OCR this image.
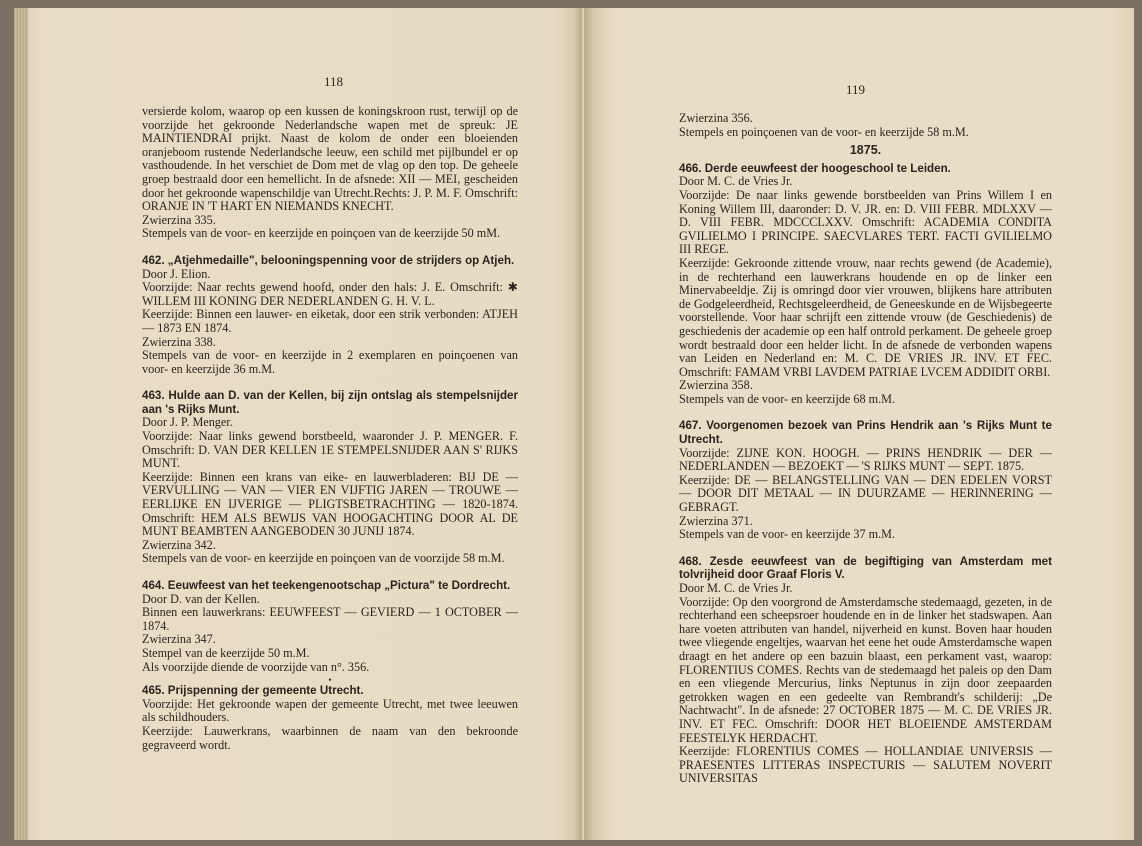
118

versierde kolom, waarop op een kussen de koningskroon rust, terwijl op de voorzijde het gekroonde Nederlandsche wapen met de spreuk: JE MAINTIENDRAI prijkt. Naast de kolom de onder een bloeienden oranjeboom rustende Nederlandsche leeuw, een schild met pijlbundel er op vasthoudende. In het verschiet de Dom met de vlag op den top. De geheele groep bestraald door een hemellicht. In de afsnede: XII — MEI, gescheiden door het gekroonde wapenschildje van Utrecht.Rechts: J. P. M. F. Omschrift: ORANJE IN 'T HART EN NIEMANDS KNECHT.

Zwierzina 335.

Stempels van de voor- en keerzijde en poinçoen van de keerzijde 50 mM.

462. „Atjehmedaille", belooningspenning voor de strijders op Atjeh.

Door J. Elion.

Voorzijde: Naar rechts gewend hoofd, onder den hals: J. E. Omschrift: ✱ WILLEM III KONING DER NEDERLANDEN G. H. V. L.

Keerzijde: Binnen een lauwer- en eiketak, door een strik verbonden: ATJEH — 1873 EN 1874.

Zwierzina 338.

Stempels van de voor- en keerzijde in 2 exemplaren en poinçoenen van voor- en keerzijde 36 m.M.

463. Hulde aan D. van der Kellen, bij zijn ontslag als stempelsnijder aan 's Rijks Munt.

Door J. P. Menger.

Voorzijde: Naar links gewend borstbeeld, waaronder J. P. MENGER. F. Omschrift: D. VAN DER KELLEN 1E STEMPELSNIJDER AAN S' RIJKS MUNT.

Keerzijde: Binnen een krans van eike- en lauwerbladeren: BIJ DE — VERVULLING — VAN — VIER EN VIJFTIG JAREN — TROUWE — EERLIJKE EN IJVERIGE — PLIGTSBETRACHTING — 1820-1874. Omschrift: HEM ALS BEWIJS VAN HOOGACHTING DOOR AL DE MUNT BEAMBTEN AANGEBODEN 30 JUNIJ 1874.

Zwierzina 342.

Stempels van de voor- en keerzijde en poinçoen van de voorzijde 58 m.M.

464. Eeuwfeest van het teekengenootschap „Pictura" te Dordrecht.

Door D. van der Kellen.

Binnen een lauwerkrans: EEUWFEEST — GEVIERD — 1 OCTOBER — 1874.

Zwierzina 347.

Stempel van de keerzijde 50 m.M.

Als voorzijde diende de voorzijde van n°. 356.

•

465. Prijspenning der gemeente Utrecht.

Voorzijde: Het gekroonde wapen der gemeente Utrecht, met twee leeuwen als schildhouders.

Keerzijde: Lauwerkrans, waarbinnen de naam van den bekroonde gegraveerd wordt.

119

Zwierzina 356.

Stempels en poinçoenen van de voor- en keerzijde 58 m.M.

1875.

466. Derde eeuwfeest der hoogeschool te Leiden.

Door M. C. de Vries Jr.

Voorzijde: De naar links gewende borstbeelden van Prins Willem I en Koning Willem III, daaronder: D. V. JR. en: D. VIII FEBR. MDLXXV — D. VIII FEBR. MDCCCLXXV. Omschrift: ACADEMIA CONDITA GVILIELMO I PRINCIPE. SAECVLARES TERT. FACTI GVILIELMO III REGE.

Keerzijde: Gekroonde zittende vrouw, naar rechts gewend (de Academie), in de rechterhand een lauwerkrans houdende en op de linker een Minervabeeldje. Zij is omringd door vier vrouwen, blijkens hare attributen de Godgeleerdheid, Rechtsgeleerdheid, de Geneeskunde en de Wijsbegeerte voorstellende. Voor haar schrijft een zittende vrouw (de Geschiedenis) de geschiedenis der academie op een half ontrold perkament. De geheele groep wordt bestraald door een helder licht. In de afsnede de verbonden wapens van Leiden en Nederland en: M. C. DE VRIES JR. INV. ET FEC. Omschrift: FAMAM VRBI LAVDEM PATRIAE LVCEM ADDIDIT ORBI.

Zwierzina 358.

Stempels van de voor- en keerzijde 68 m.M.

467. Voorgenomen bezoek van Prins Hendrik aan 's Rijks Munt te Utrecht.

Voorzijde: ZIJNE KON. HOOGH. — PRINS HENDRIK — DER — NEDERLANDEN — BEZOEKT — 'S RIJKS MUNT — SEPT. 1875.

Keerzijde: DE — BELANGSTELLING VAN — DEN EDELEN VORST — DOOR DIT METAAL — IN DUURZAME — HERINNERING — GEBRAGT.

Zwierzina 371.

Stempels van de voor- en keerzijde 37 m.M.

468. Zesde eeuwfeest van de begiftiging van Amsterdam met tolvrijheid door Graaf Floris V.

Door M. C. de Vries Jr.

Voorzijde: Op den voorgrond de Amsterdamsche stedemaagd, gezeten, in de rechterhand een scheepsroer houdende en in de linker het stadswapen. Aan hare voeten attributen van handel, nijverheid en kunst. Boven haar houden twee vliegende engeltjes, waarvan het eene het oude Amsterdamsche wapen draagt en het andere op een bazuin blaast, een perkament vast, waarop: FLORENTIUS COMES. Rechts van de stedemaagd het paleis op den Dam en een vliegende Mercurius, links Neptunus in zijn door zeepaarden getrokken wagen en een gedeelte van Rembrandt's schilderij: „De Nachtwacht". In de afsnede: 27 OCTOBER 1875 — M. C. DE VRIES JR. INV. ET FEC. Omschrift: DOOR HET BLOEIENDE AMSTERDAM FEESTELYK HERDACHT.

Keerzijde: FLORENTIUS COMES — HOLLANDIAE UNIVERSIS — PRAESENTES LITTERAS INSPECTURIS — SALUTEM NOVERIT UNIVERSITAS
